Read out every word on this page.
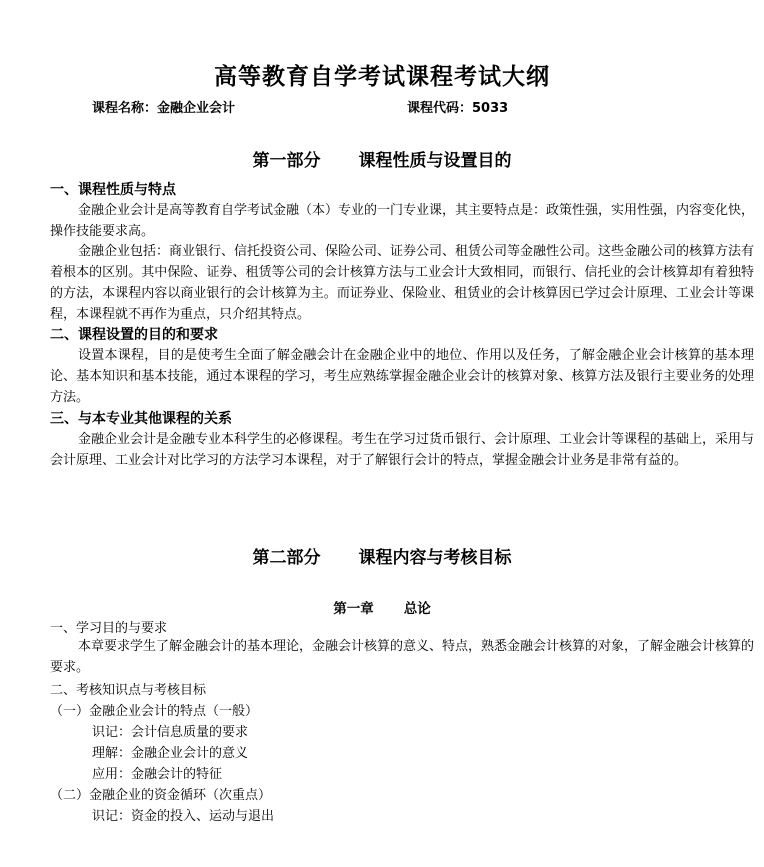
高等教育自学考试课程考试大纲
课程名称：金融企业会计	课程代码：5033
第一部分 课程性质与设置目的
一、课程性质与特点
金融企业会计是高等教育自学考试金融（本）专业的一门专业课，其主要特点是：政策性强，实用性强，内容变化快，操作技能要求高。
金融企业包括：商业银行、信托投资公司、保险公司、证券公司、租赁公司等金融性公司。这些金融公司的核算方法有着根本的区别。其中保险、证券、租赁等公司的会计核算方法与工业会计大致相同，而银行、信托业的会计核算却有着独特的方法，本课程内容以商业银行的会计核算为主。而证券业、保险业、租赁业的会计核算因已学过会计原理、工业会计等课程，本课程就不再作为重点，只介绍其特点。
二、课程设置的目的和要求
设置本课程，目的是使考生全面了解金融会计在金融企业中的地位、作用以及任务，了解金融企业会计核算的基本理论、基本知识和基本技能，通过本课程的学习，考生应熟练掌握金融企业会计的核算对象、核算方法及银行主要业务的处理方法。
三、与本专业其他课程的关系
金融企业会计是金融专业本科学生的必修课程。考生在学习过货币银行、会计原理、工业会计等课程的基础上，采用与会计原理、工业会计对比学习的方法学习本课程，对于了解银行会计的特点，掌握金融会计业务是非常有益的。
第二部分 课程内容与考核目标
第一章 总论
一、学习目的与要求
本章要求学生了解金融会计的基本理论，金融会计核算的意义、特点，熟悉金融会计核算的对象，了解金融会计核算的要求。
二、考核知识点与考核目标
（一）金融企业会计的特点（一般）
识记：会计信息质量的要求
理解：金融企业会计的意义
应用：金融会计的特征
（二）金融企业的资金循环（次重点）
识记：资金的投入、运动与退出
